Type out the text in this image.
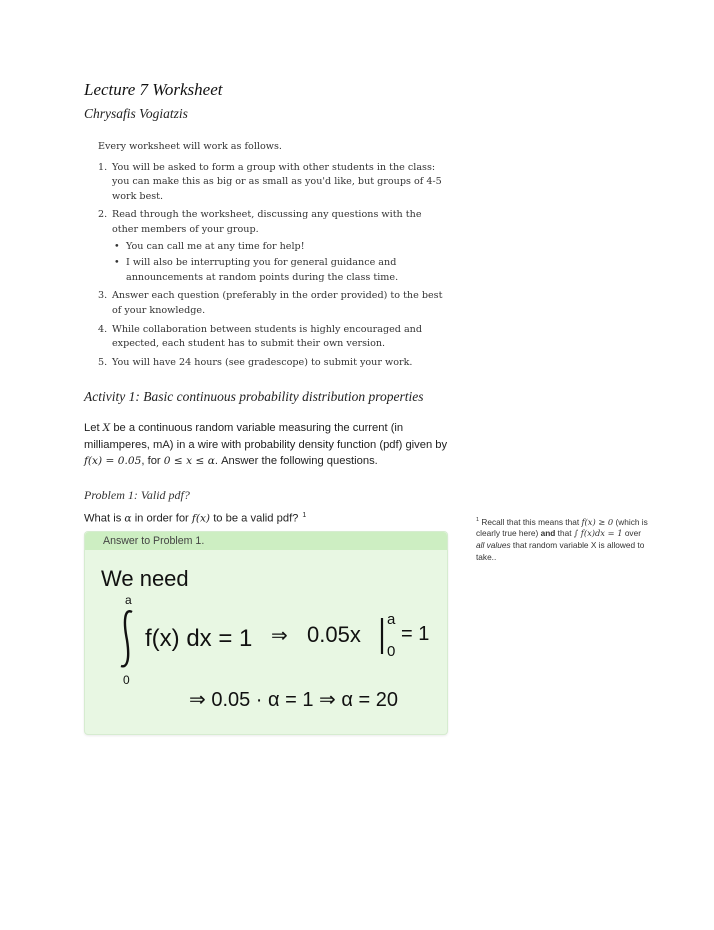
Lecture 7 Worksheet
Chrysafis Vogiatzis

Every worksheet will work as follows.

1. You will be asked to form a group with other students in the class: you can make this as big or as small as you'd like, but groups of 4-5 work best.
2. Read through the worksheet, discussing any questions with the other members of your group.
• You can call me at any time for help!
• I will also be interrupting you for general guidance and announcements at random points during the class time.
3. Answer each question (preferably in the order provided) to the best of your knowledge.
4. While collaboration between students is highly encouraged and expected, each student has to submit their own version.
5. You will have 24 hours (see gradescope) to submit your work.
Activity 1: Basic continuous probability distribution properties
Let X be a continuous random variable measuring the current (in milliamperes, mA) in a wire with probability density function (pdf) given by f(x) = 0.05, for 0 ≤ x ≤ α. Answer the following questions.
Problem 1: Valid pdf?
What is α in order for f(x) to be a valid pdf? $^1$
Answer to Problem 1.
We need
a
0
f(x) dx = 1 ⇒ 0.05x
a
0
= 1
⇒ 0.05 · α = 1 ⇒ α = 20
$^1$ Recall that this means that f(x) ≥ 0 (which is clearly true here) and that ∫ f(x)dx = 1 over all values that random variable X is allowed to take..
